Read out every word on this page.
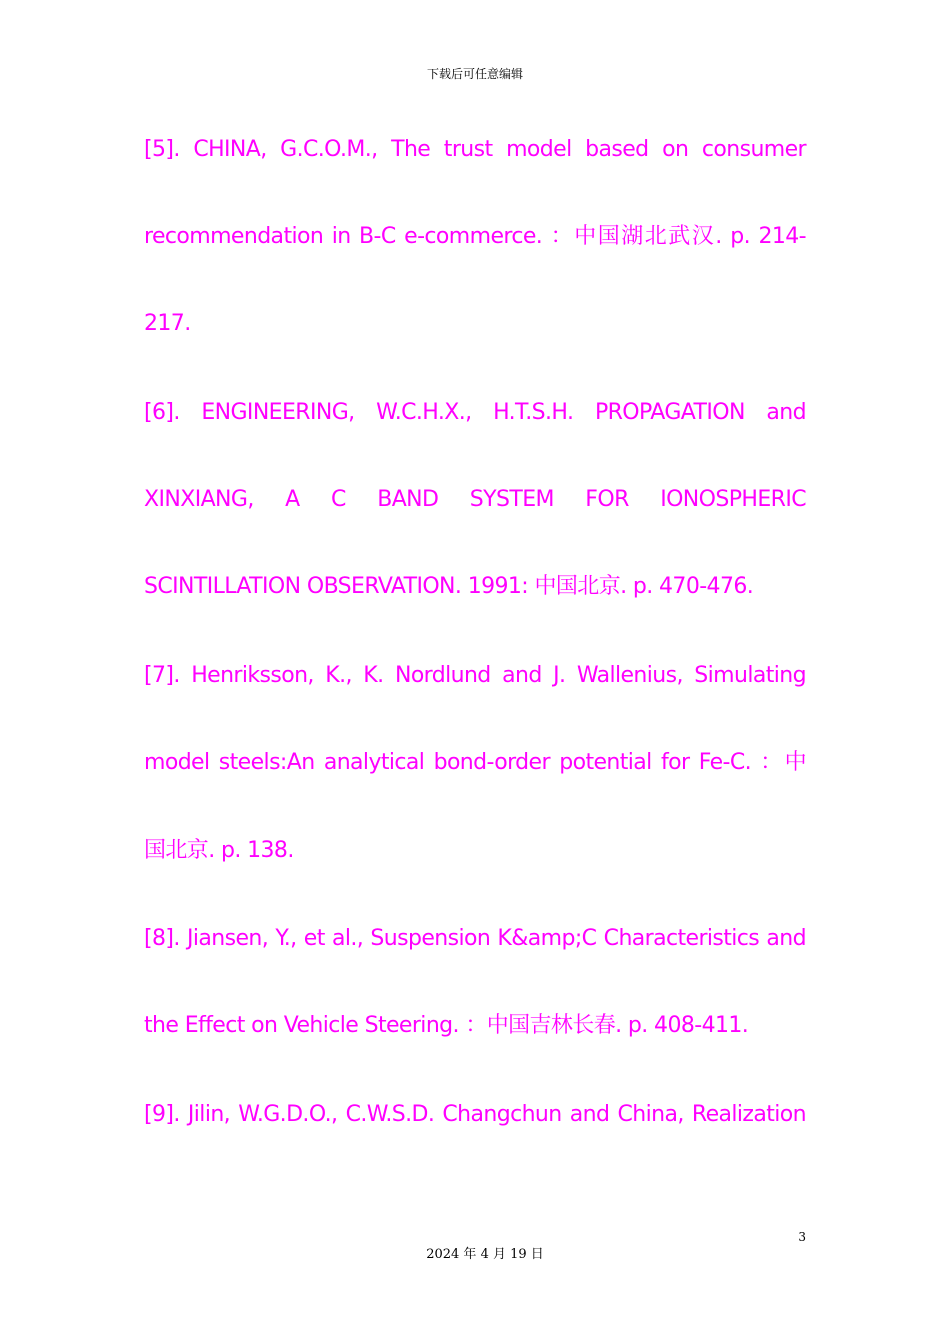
下载后可任意编辑
[5]. CHINA, G.C.O.M., The trust model based on consumer
recommendation in B-C e-commerce. ：中国湖北武汉. p. 214-
217.
[6]. ENGINEERING, W.C.H.X., H.T.S.H. PROPAGATION and
XINXIANG, A C BAND SYSTEM FOR IONOSPHERIC
SCINTILLATION OBSERVATION. 1991: 中国北京. p. 470-476.
[7]. Henriksson, K., K. Nordlund and J. Wallenius, Simulating
model steels:An analytical bond-order potential for Fe-C. ：中
国北京. p. 138.
[8]. Jiansen, Y., et al., Suspension K&amp;C Characteristics and
the Effect on Vehicle Steering. ：中国吉林长春. p. 408-411.
[9]. Jilin, W.G.D.O., C.W.S.D. Changchun and China, Realization
3
2024 年 4 月 19 日
